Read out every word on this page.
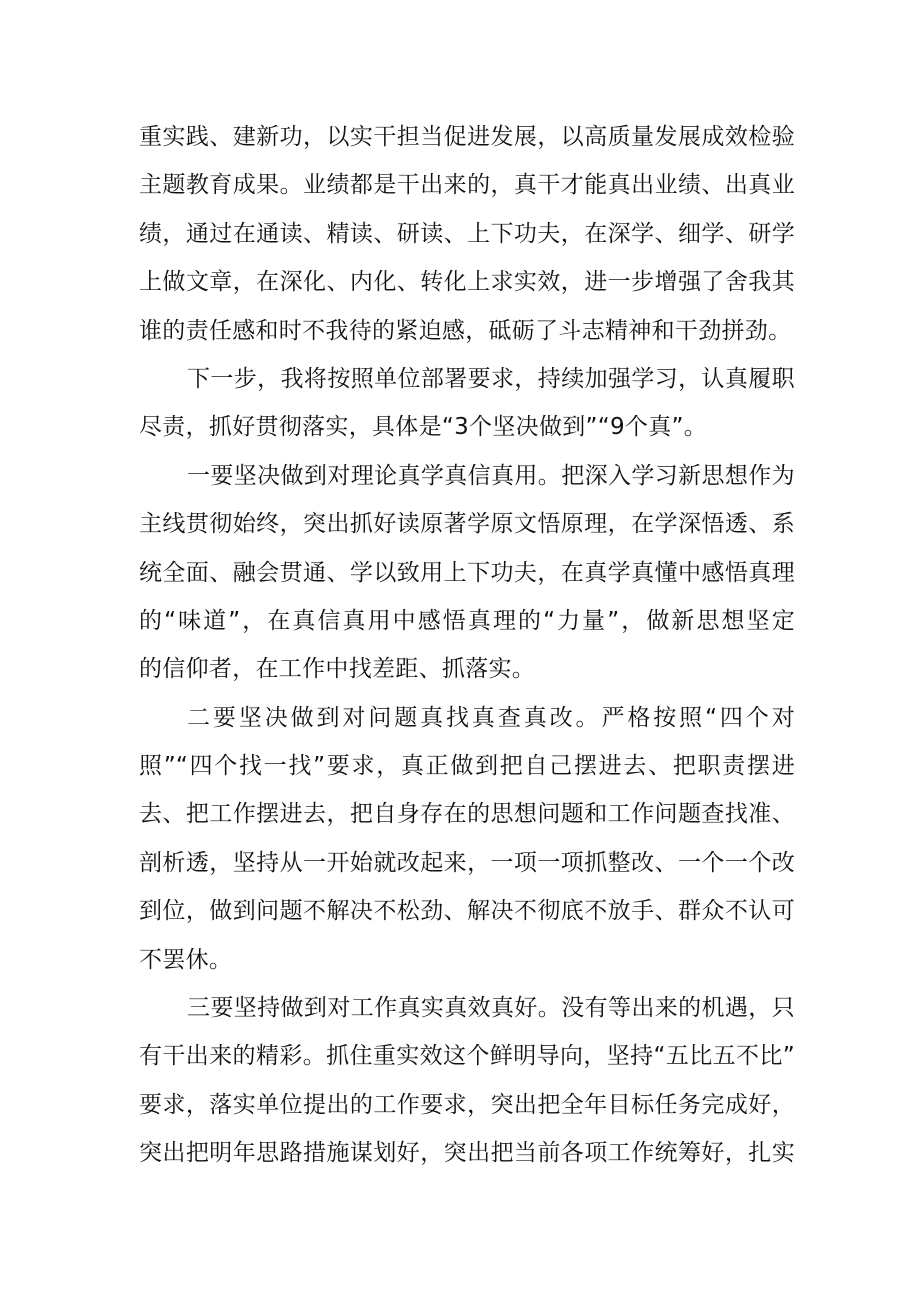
重实践、建新功，以实干担当促进发展，以高质量发展成效检验
主题教育成果。业绩都是干出来的，真干才能真出业绩、出真业
绩，通过在通读、精读、研读、上下功夫，在深学、细学、研学
上做文章，在深化、内化、转化上求实效，进一步增强了舍我其
谁的责任感和时不我待的紧迫感，砥砺了斗志精神和干劲拼劲。
下一步，我将按照单位部署要求，持续加强学习，认真履职
尽责，抓好贯彻落实，具体是“3个坚决做到”“9个真”。
一要坚决做到对理论真学真信真用。把深入学习新思想作为
主线贯彻始终，突出抓好读原著学原文悟原理，在学深悟透、系
统全面、融会贯通、学以致用上下功夫，在真学真懂中感悟真理
的“味道”，在真信真用中感悟真理的“力量”，做新思想坚定
的信仰者，在工作中找差距、抓落实。
二要坚决做到对问题真找真查真改。严格按照“四个对
照”“四个找一找”要求，真正做到把自己摆进去、把职责摆进
去、把工作摆进去，把自身存在的思想问题和工作问题查找准、
剖析透，坚持从一开始就改起来，一项一项抓整改、一个一个改
到位，做到问题不解决不松劲、解决不彻底不放手、群众不认可
不罢休。
三要坚持做到对工作真实真效真好。没有等出来的机遇，只
有干出来的精彩。抓住重实效这个鲜明导向，坚持“五比五不比”
要求，落实单位提出的工作要求，突出把全年目标任务完成好，
突出把明年思路措施谋划好，突出把当前各项工作统筹好，扎实
